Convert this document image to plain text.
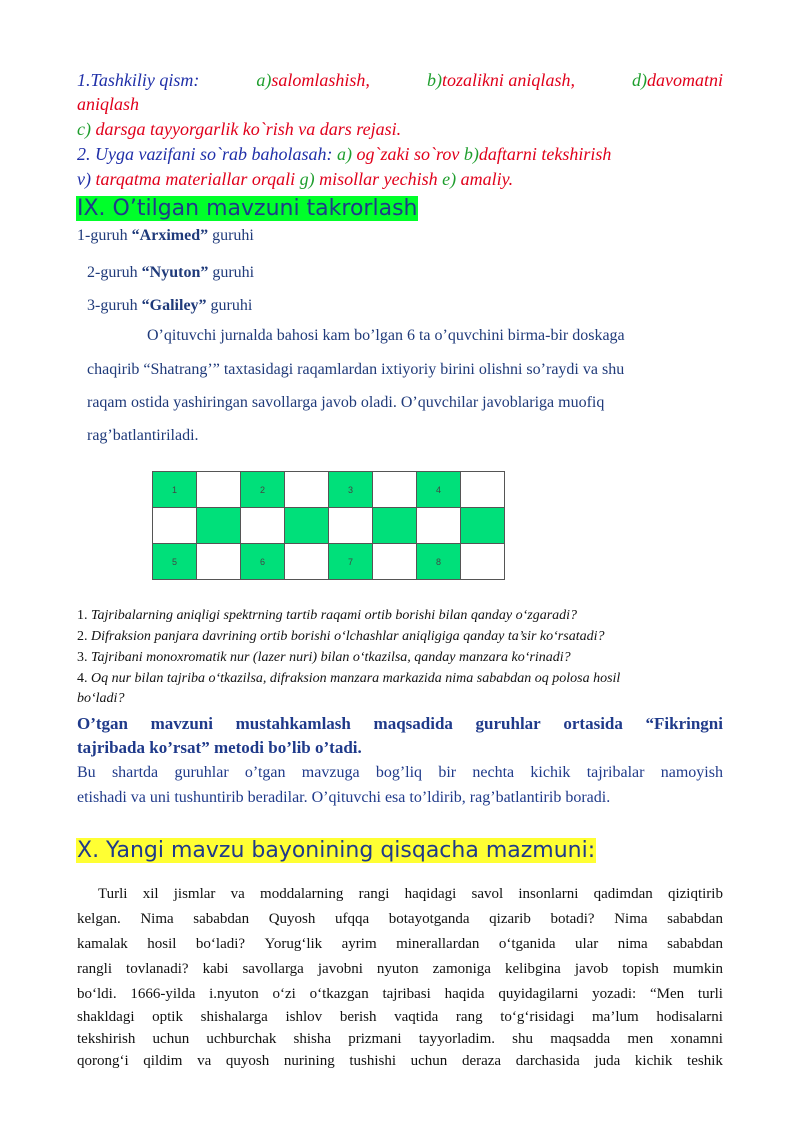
1.Tashkiliy qism:	a)salomlashish,	b)tozalikni aniqlash,	d)davomatni
aniqlash
c) darsga tayyorgarlik ko`rish va dars rejasi.
2. Uyga vazifani so`rab baholasah: a) og`zaki so`rov b)daftarni tekshirish
v) tarqatma materiallar orqali g) misollar yechish e) amaliy.
IX. O’tilgan mavzuni takrorlash
1-guruh “Arximed” guruhi
2-guruh “Nyuton” guruhi
3-guruh “Galiley” guruhi
O’qituvchi jurnalda bahosi kam bo’lgan 6 ta o’quvchini birma-bir doskaga
chaqirib “Shatrang’” taxtasidagi raqamlardan ixtiyoriy birini olishni so’raydi va shu
raqam ostida yashiringan savollarga javob oladi. O’quvchilar javoblariga muofiq
rag’batlantiriladi.
1		2		3		4	

5		6		7		8	
1. Tajribalarning aniqligi spektrning tartib raqami ortib borishi bilan qanday o‘zgaradi?
2. Difraksion panjara davrining ortib borishi o‘lchashlar aniqligiga qanday ta’sir ko‘rsatadi?
3. Tajribani monoxromatik nur (lazer nuri) bilan o‘tkazilsa, qanday manzara ko‘rinadi?
4. Oq nur bilan tajriba o‘tkazilsa, difraksion manzara markazida nima sababdan oq polosa hosil
bo‘ladi?
O’tgan mavzuni mustahkamlash maqsadida guruhlar ortasida “Fikringni
tajribada ko’rsat” metodi bo’lib o’tadi.
Bu shartda guruhlar o’tgan mavzuga bog’liq bir nechta kichik tajribalar namoyish
etishadi va uni tushuntirib beradilar. O’qituvchi esa to’ldirib, rag’batlantirib boradi.
X. Yangi mavzu bayonining qisqacha mazmuni:
Turli xil jismlar va moddalarning rangi haqidagi savol insonlarni qadimdan qiziqtirib
kelgan. Nima sababdan Quyosh ufqqa botayotganda qizarib botadi? Nima sababdan
kamalak hosil bo‘ladi? Yorug‘lik ayrim minerallardan o‘tganida ular nima sababdan
rangli tovlanadi? kabi savollarga javobni nyuton zamoniga kelibgina javob topish mumkin
bo‘ldi. 1666-yilda i.nyuton o‘zi o‘tkazgan tajribasi haqida quyidagilarni yozadi: “Men turli
shakldagi optik shishalarga ishlov berish vaqtida rang to‘g‘risidagi ma’lum hodisalarni
tekshirish uchun uchburchak shisha prizmani tayyorladim. shu maqsadda men xonamni
qorong‘i qildim va quyosh nurining tushishi uchun deraza darchasida juda kichik teshik
